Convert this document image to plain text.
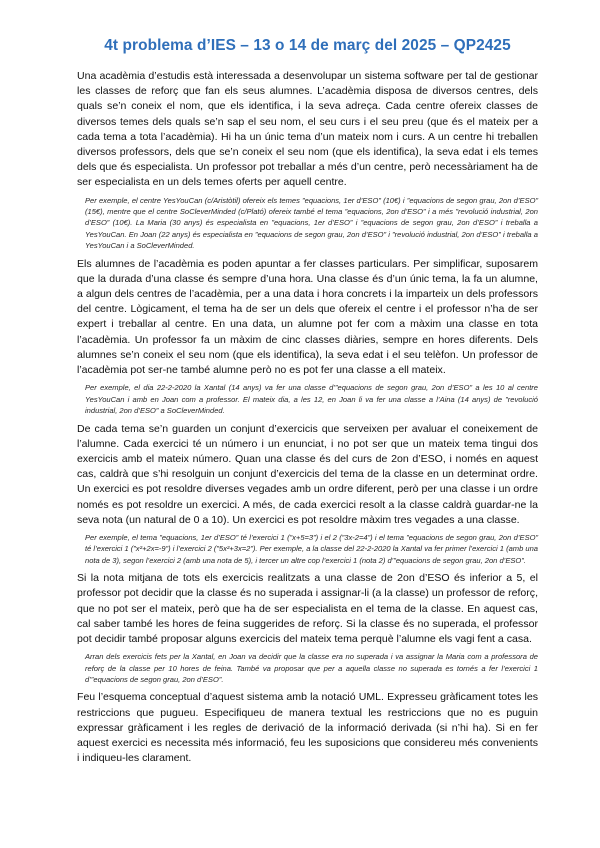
4t problema d’IES – 13 o 14 de març del 2025 – QP2425

Una acadèmia d’estudis està interessada a desenvolupar un sistema software per tal de gestionar les classes de reforç que fan els seus alumnes. L’acadèmia disposa de diversos centres, dels quals se’n coneix el nom, que els identifica, i la seva adreça. Cada centre ofereix classes de diversos temes dels quals se’n sap el seu nom, el seu curs i el seu preu (que és el mateix per a cada tema a tota l’acadèmia). Hi ha un únic tema d’un mateix nom i curs. A un centre hi treballen diversos professors, dels que se’n coneix el seu nom (que els identifica), la seva edat i els temes dels que és especialista. Un professor pot treballar a més d’un centre, però necessàriament ha de ser especialista en un dels temes oferts per aquell centre.

Per exemple, el centre YesYouCan (c/Aristòtil) ofereix els temes ”equacions, 1er d’ESO” (10€) i ”equacions de segon grau, 2on d’ESO” (15€), mentre que el centre SoCleverMinded (c/Plató) ofereix també el tema ”equacions, 2on d’ESO” i a més ”revolució industrial, 2on d’ESO” (10€). La Maria (30 anys) és especialista en ”equacions, 1er d’ESO” i ”equacions de segon grau, 2on d’ESO” i treballa a YesYouCan. En Joan (22 anys) és especialista en ”equacions de segon grau, 2on d’ESO” i ”revolució industrial, 2on d’ESO” i treballa a YesYouCan i a SoCleverMinded.

Els alumnes de l’acadèmia es poden apuntar a fer classes particulars. Per simplificar, suposarem que la durada d’una classe és sempre d’una hora. Una classe és d’un únic tema, la fa un alumne, a algun dels centres de l’acadèmia, per a una data i hora concrets i la imparteix un dels professors del centre. Lògicament, el tema ha de ser un dels que ofereix el centre i el professor n’ha de ser expert i treballar al centre. En una data, un alumne pot fer com a màxim una classe en tota l’acadèmia. Un professor fa un màxim de cinc classes diàries, sempre en hores diferents. Dels alumnes se’n coneix el seu nom (que els identifica), la seva edat i el seu telèfon. Un professor de l’acadèmia pot ser-ne també alumne però no es pot fer una classe a ell mateix.

Per exemple, el dia 22-2-2020 la Xantal (14 anys) va fer una classe d’”equacions de segon grau, 2on d’ESO” a les 10 al centre YesYouCan i amb en Joan com a professor. El mateix dia, a les 12, en Joan li va fer una classe a l’Aina (14 anys) de ”revolució industrial, 2on d’ESO” a SoCleverMinded.

De cada tema se’n guarden un conjunt d’exercicis que serveixen per avaluar el coneixement de l’alumne. Cada exercici té un número i un enunciat, i no pot ser que un mateix tema tingui dos exercicis amb el mateix número. Quan una classe és del curs de 2on d’ESO, i només en aquest cas, caldrà que s’hi resolguin un conjunt d’exercicis del tema de la classe en un determinat ordre. Un exercici es pot resoldre diverses vegades amb un ordre diferent, però per una classe i un ordre només es pot resoldre un exercici. A més, de cada exercici resolt a la classe caldrà guardar-ne la seva nota (un natural de 0 a 10). Un exercici es pot resoldre màxim tres vegades a una classe.

Per exemple, el tema ”equacions, 1er d’ESO” té l’exercici 1 (”x+5=3”) i el 2 (”3x-2=4”) i el tema ”equacions de segon grau, 2on d’ESO” té l’exercici 1 (”x²+2x=-9”) i l’exercici 2 (”5x²+3x=2”). Per exemple, a la classe del 22-2-2020 la Xantal va fer primer l’exercici 1 (amb una nota de 3), segon l’exercici 2 (amb una nota de 5), i tercer un altre cop l’exercici 1 (nota 2) d’”equacions de segon grau, 2on d’ESO”.

Si la nota mitjana de tots els exercicis realitzats a una classe de 2on d’ESO és inferior a 5, el professor pot decidir que la classe és no superada i assignar-li (a la classe) un professor de reforç, que no pot ser el mateix, però que ha de ser especialista en el tema de la classe. En aquest cas, cal saber també les hores de feina suggerides de reforç. Si la classe és no superada, el professor pot decidir també proposar alguns exercicis del mateix tema perquè l’alumne els vagi fent a casa.

Arran dels exercicis fets per la Xantal, en Joan va decidir que la classe era no superada i va assignar la Maria com a professora de reforç de la classe per 10 hores de feina. També va proposar que per a aquella classe no superada es tornés a fer l’exercici 1 d’”equacions de segon grau, 2on d’ESO”.

Feu l’esquema conceptual d’aquest sistema amb la notació UML. Expresseu gràficament totes les restriccions que pugueu. Especifiqueu de manera textual les restriccions que no es puguin expressar gràficament i les regles de derivació de la informació derivada (si n’hi ha). Si en fer aquest exercici es necessita més informació, feu les suposicions que considereu més convenients i indiqueu-les clarament.
